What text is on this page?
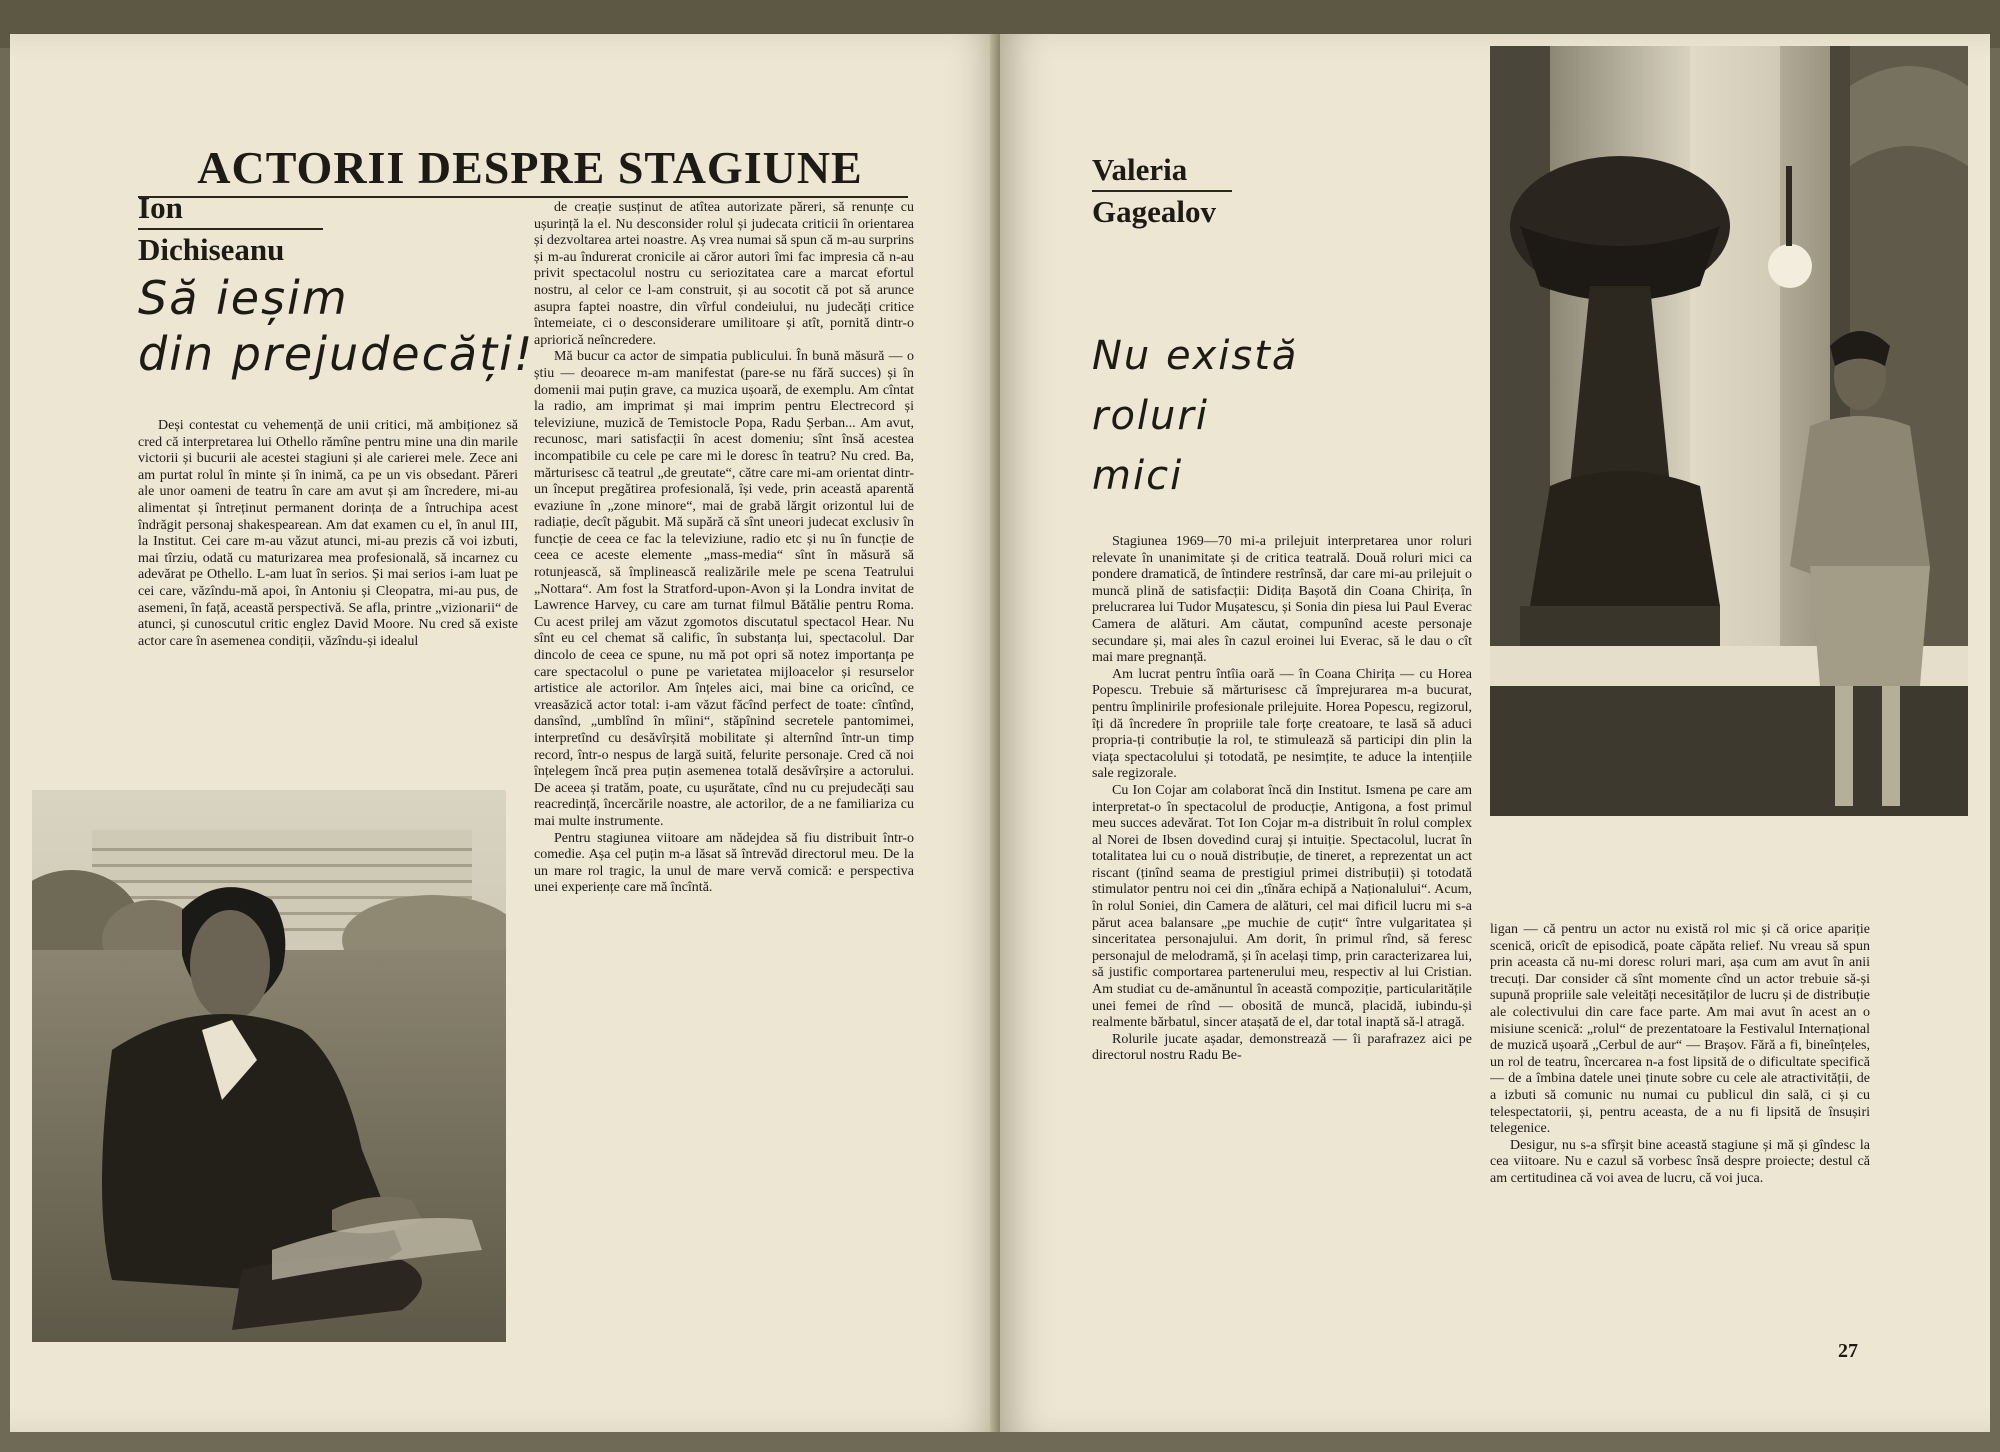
ACTORII DESPRE STAGIUNE
Ion
Dichiseanu
Să ieșim
din prejudecăți!

Deși contestat cu vehemență de unii critici, mă ambiționez să cred că interpretarea lui Othello rămîne pentru mine una din marile victorii și bucurii ale acestei stagiuni și ale carierei mele. Zece ani am purtat rolul în minte și în inimă, ca pe un vis obsedant. Păreri ale unor oameni de teatru în care am avut și am încredere, mi-au alimentat și întreținut permanent dorința de a întruchipa acest îndrăgit personaj shakespearean. Am dat examen cu el, în anul III, la Institut. Cei care m-au văzut atunci, mi-au prezis că voi izbuti, mai tîrziu, odată cu maturizarea mea profesională, să incarnez cu adevărat pe Othello. L-am luat în serios. Și mai serios i-am luat pe cei care, văzîndu-mă apoi, în Antoniu și Cleopatra, mi-au pus, de asemeni, în față, această perspectivă. Se afla, printre „vizionarii“ de atunci, și cunoscutul critic englez David Moore. Nu cred să existe actor care în asemenea condiții, văzîndu-și idealul

de creație susținut de atîtea autorizate păreri, să renunțe cu ușurință la el. Nu desconsider rolul și judecata criticii în orientarea și dezvoltarea artei noastre. Aș vrea numai să spun că m-au surprins și m-au îndurerat cronicile ai căror autori îmi fac impresia că n-au privit spectacolul nostru cu seriozitatea care a marcat efortul nostru, al celor ce l-am construit, și au socotit că pot să arunce asupra faptei noastre, din vîrful condeiului, nu judecăți critice întemeiate, ci o desconsiderare umilitoare și atît, pornită dintr-o aprioricǎ neîncredere.

Mă bucur ca actor de simpatia publicului. În bună măsură — o știu — deoarece m-am manifestat (pare-se nu fără succes) și în domenii mai puțin grave, ca muzica ușoară, de exemplu. Am cîntat la radio, am imprimat și mai imprim pentru Electrecord și televiziune, muzică de Temistocle Popa, Radu Șerban... Am avut, recunosc, mari satisfacții în acest domeniu; sînt însă acestea incompatibile cu cele pe care mi le doresc în teatru? Nu cred. Ba, mărturisesc că teatrul „de greutate“, către care mi-am orientat dintr-un început pregătirea profesională, își vede, prin această aparentă evaziune în „zone minore“, mai de grabă lărgit orizontul lui de radiație, decît păgubit. Mă supără că sînt uneori judecat exclusiv în funcție de ceea ce fac la televiziune, radio etc și nu în funcție de ceea ce aceste elemente „mass-media“ sînt în măsură să rotunjească, să împlinească realizările mele pe scena Teatrului „Nottara“. Am fost la Stratford-upon-Avon și la Londra invitat de Lawrence Harvey, cu care am turnat filmul Bătălie pentru Roma. Cu acest prilej am văzut zgomotos discutatul spectacol Hear. Nu sînt eu cel chemat să calific, în substanța lui, spectacolul. Dar dincolo de ceea ce spune, nu mă pot opri să notez importanța pe care spectacolul o pune pe varietatea mijloacelor și resurselor artistice ale actorilor. Am înțeles aici, mai bine ca oricînd, ce vreasăzică actor total: i-am văzut făcînd perfect de toate: cîntînd, dansînd, „umblînd în mîini“, stăpînind secretele pantomimei, interpretînd cu desăvîrșită mobilitate și alternînd într-un timp record, într-o nespus de largă suită, felurite personaje. Cred că noi înțelegem încă prea puțin asemenea totală desăvîrșire a actorului. De aceea și tratăm, poate, cu ușurătate, cînd nu cu prejudecăți sau reacredință, încercările noastre, ale actorilor, de a ne familiariza cu mai multe instrumente.

Pentru stagiunea viitoare am nădejdea să fiu distribuit într-o comedie. Așa cel puțin m-a lăsat să întrevăd directorul meu. De la un mare rol tragic, la unul de mare vervă comică: e perspectiva unei experiențe care mă încîntă.

Valeria
Gagealov
Nu există
roluri
mici

Stagiunea 1969—70 mi-a prilejuit interpretarea unor roluri relevate în unanimitate și de critica teatrală. Două roluri mici ca pondere dramatică, de întindere restrînsă, dar care mi-au prilejuit o muncă plină de satisfacții: Didița Bașotă din Coana Chirița, în prelucrarea lui Tudor Mușatescu, și Sonia din piesa lui Paul Everac Camera de alături. Am căutat, compunînd aceste personaje secundare și, mai ales în cazul eroinei lui Everac, să le dau o cît mai mare pregnanță.

Am lucrat pentru întîia oară — în Coana Chirița — cu Horea Popescu. Trebuie să mărturisesc că împrejurarea m-a bucurat, pentru împlinirile profesionale prilejuite. Horea Popescu, regizorul, îți dă încredere în propriile tale forțe creatoare, te lasă să aduci propria-ți contribuție la rol, te stimulează să participi din plin la viața spectacolului și totodată, pe nesimțite, te aduce la intențiile sale regizorale.

Cu Ion Cojar am colaborat încă din Institut. Ismena pe care am interpretat-o în spectacolul de producție, Antigona, a fost primul meu succes adevărat. Tot Ion Cojar m-a distribuit în rolul complex al Norei de Ibsen dovedind curaj și intuiție. Spectacolul, lucrat în totalitatea lui cu o nouă distribuție, de tineret, a reprezentat un act riscant (ținînd seama de prestigiul primei distribuții) și totodată stimulator pentru noi cei din „tînăra echipă a Naționalului“. Acum, în rolul Soniei, din Camera de alături, cel mai dificil lucru mi s-a părut acea balansare „pe muchie de cuțit“ între vulgaritatea și sinceritatea personajului. Am dorit, în primul rînd, să feresc personajul de melodramă, și în același timp, prin caracterizarea lui, să justific comportarea partenerului meu, respectiv al lui Cristian. Am studiat cu de-amănuntul în această compoziție, particularitățile unei femei de rînd — obosită de muncă, placidă, iubindu-și realmente bărbatul, sincer atașată de el, dar total inaptă să-l atragă.

Rolurile jucate așadar, demonstrează — îi parafrazez aici pe directorul nostru Radu Be-

ligan — că pentru un actor nu există rol mic și că orice apariție scenică, oricît de episodică, poate căpăta relief. Nu vreau să spun prin aceasta că nu-mi doresc roluri mari, așa cum am avut în anii trecuți. Dar consider că sînt momente cînd un actor trebuie să-și supună propriile sale veleități necesităților de lucru și de distribuție ale colectivului din care face parte. Am mai avut în acest an o misiune scenică: „rolul“ de prezentatoare la Festivalul Internațional de muzică ușoară „Cerbul de aur“ — Brașov. Fără a fi, bineînțeles, un rol de teatru, încercarea n-a fost lipsită de o dificultate specifică — de a îmbina datele unei ținute sobre cu cele ale atractivității, de a izbuti să comunic nu numai cu publicul din sală, ci și cu telespectatorii, și, pentru aceasta, de a nu fi lipsită de însușiri telegenice.

Desigur, nu s-a sfîrșit bine această stagiune și mă și gîndesc la cea viitoare. Nu e cazul să vorbesc însă despre proiecte; destul că am certitudinea că voi avea de lucru, că voi juca.

27
